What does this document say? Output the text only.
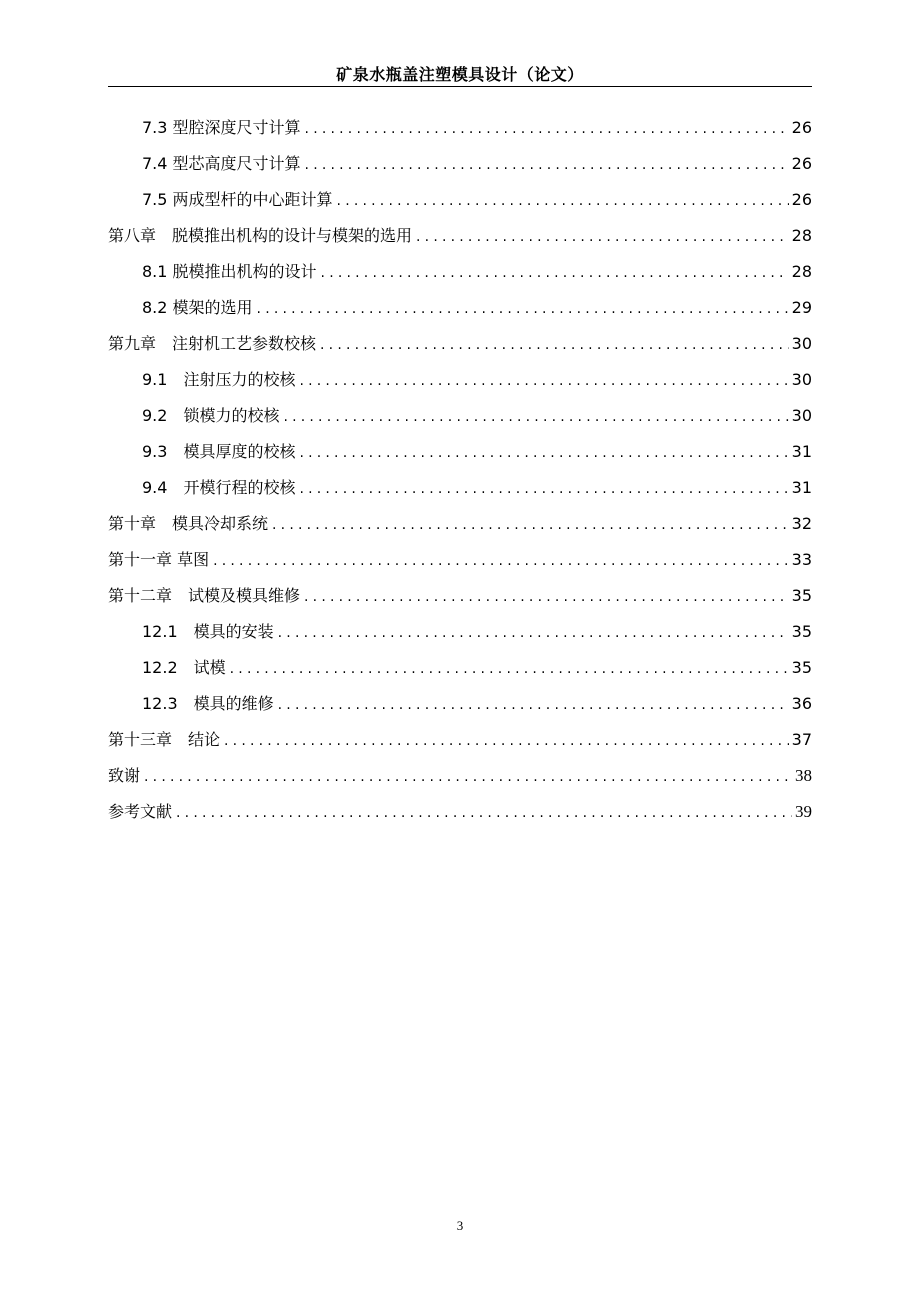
矿泉水瓶盖注塑模具设计（论文）
7.3 型腔深度尺寸计算 .....	26
7.4 型芯高度尺寸计算 .....	26
7.5 两成型杆的中心距计算 .....	26
第八章　脱模推出机构的设计与模架的选用 .....	28
8.1 脱模推出机构的设计 .....	28
8.2 模架的选用 .....	29
第九章　注射机工艺参数校核 .....	30
9.1　注射压力的校核 .....	30
9.2　锁模力的校核 .....	30
9.3　模具厚度的校核 .....	31
9.4　开模行程的校核 .....	31
第十章　模具冷却系统 .....	32
第十一章 草图 .....	33
第十二章　试模及模具维修 .....	35
12.1　模具的安装 .....	35
12.2　试模 .....	35
12.3　模具的维修 .....	36
第十三章　结论 .....	37
致谢 .....	38
参考文献 .....	39
3
